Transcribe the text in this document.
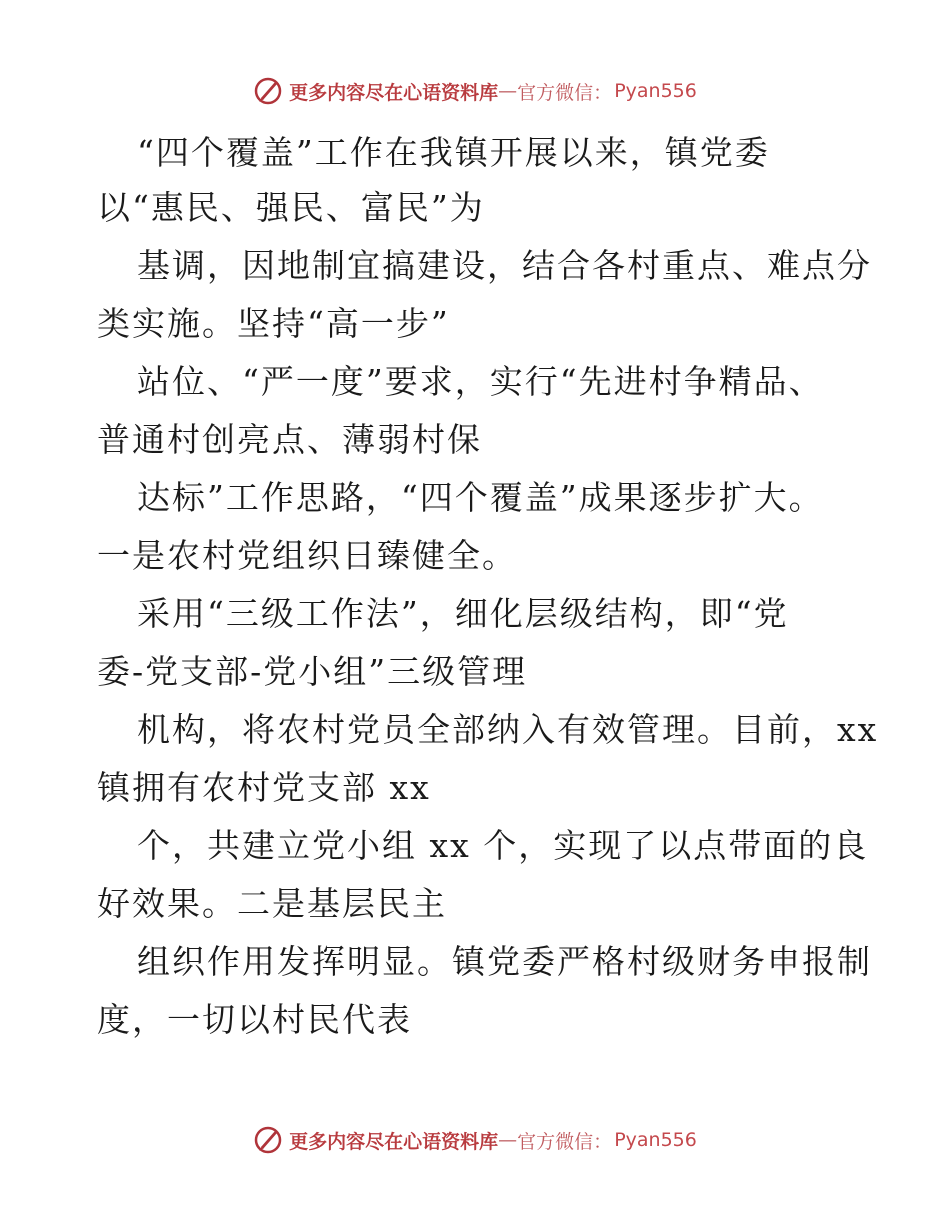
更多内容尽在心语资料库 — 官方微信： Pyan556
“四个覆盖”工作在我镇开展以来，镇党委
以“惠民、强民、富民”为
基调，因地制宜搞建设，结合各村重点、难点分
类实施。坚持“高一步”
站位、“严一度”要求，实行“先进村争精品、
普通村创亮点、薄弱村保
达标”工作思路，“四个覆盖”成果逐步扩大。
一是农村党组织日臻健全。
采用“三级工作法”，细化层级结构，即“党
委-党支部-党小组”三级管理
机构，将农村党员全部纳入有效管理。目前，xx
镇拥有农村党支部 xx
个，共建立党小组 xx 个，实现了以点带面的良
好效果。二是基层民主
组织作用发挥明显。镇党委严格村级财务申报制
度，一切以村民代表
更多内容尽在心语资料库 — 官方微信： Pyan556
